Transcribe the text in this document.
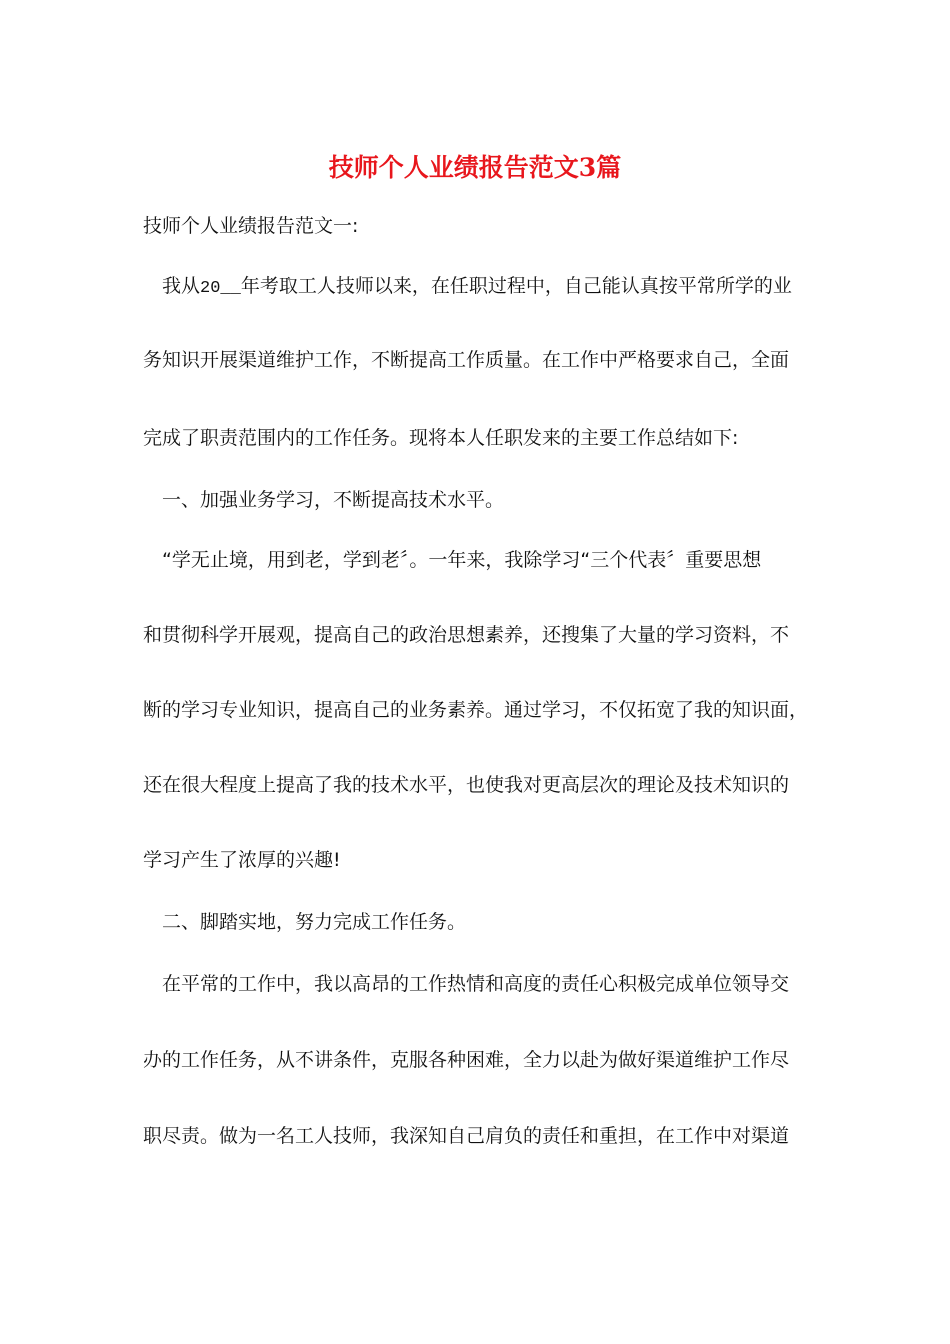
技师个人业绩报告范文3篇

技师个人业绩报告范文一:

我从20__年考取工人技师以来，在任职过程中，自己能认真按平常所学的业

务知识开展渠道维护工作，不断提高工作质量。在工作中严格要求自己，全面

完成了职责范围内的工作任务。现将本人任职发来的主要工作总结如下:

一、加强业务学习，不断提高技术水平。

“学无止境，用到老，学到老〞。一年来，我除学习“三个代表〞重要思想

和贯彻科学开展观，提高自己的政治思想素养，还搜集了大量的学习资料，不

断的学习专业知识，提高自己的业务素养。通过学习，不仅拓宽了我的知识面，

还在很大程度上提高了我的技术水平，也使我对更高层次的理论及技术知识的

学习产生了浓厚的兴趣!

二、脚踏实地，努力完成工作任务。

在平常的工作中，我以高昂的工作热情和高度的责任心积极完成单位领导交

办的工作任务，从不讲条件，克服各种困难，全力以赴为做好渠道维护工作尽

职尽责。做为一名工人技师，我深知自己肩负的责任和重担，在工作中对渠道
